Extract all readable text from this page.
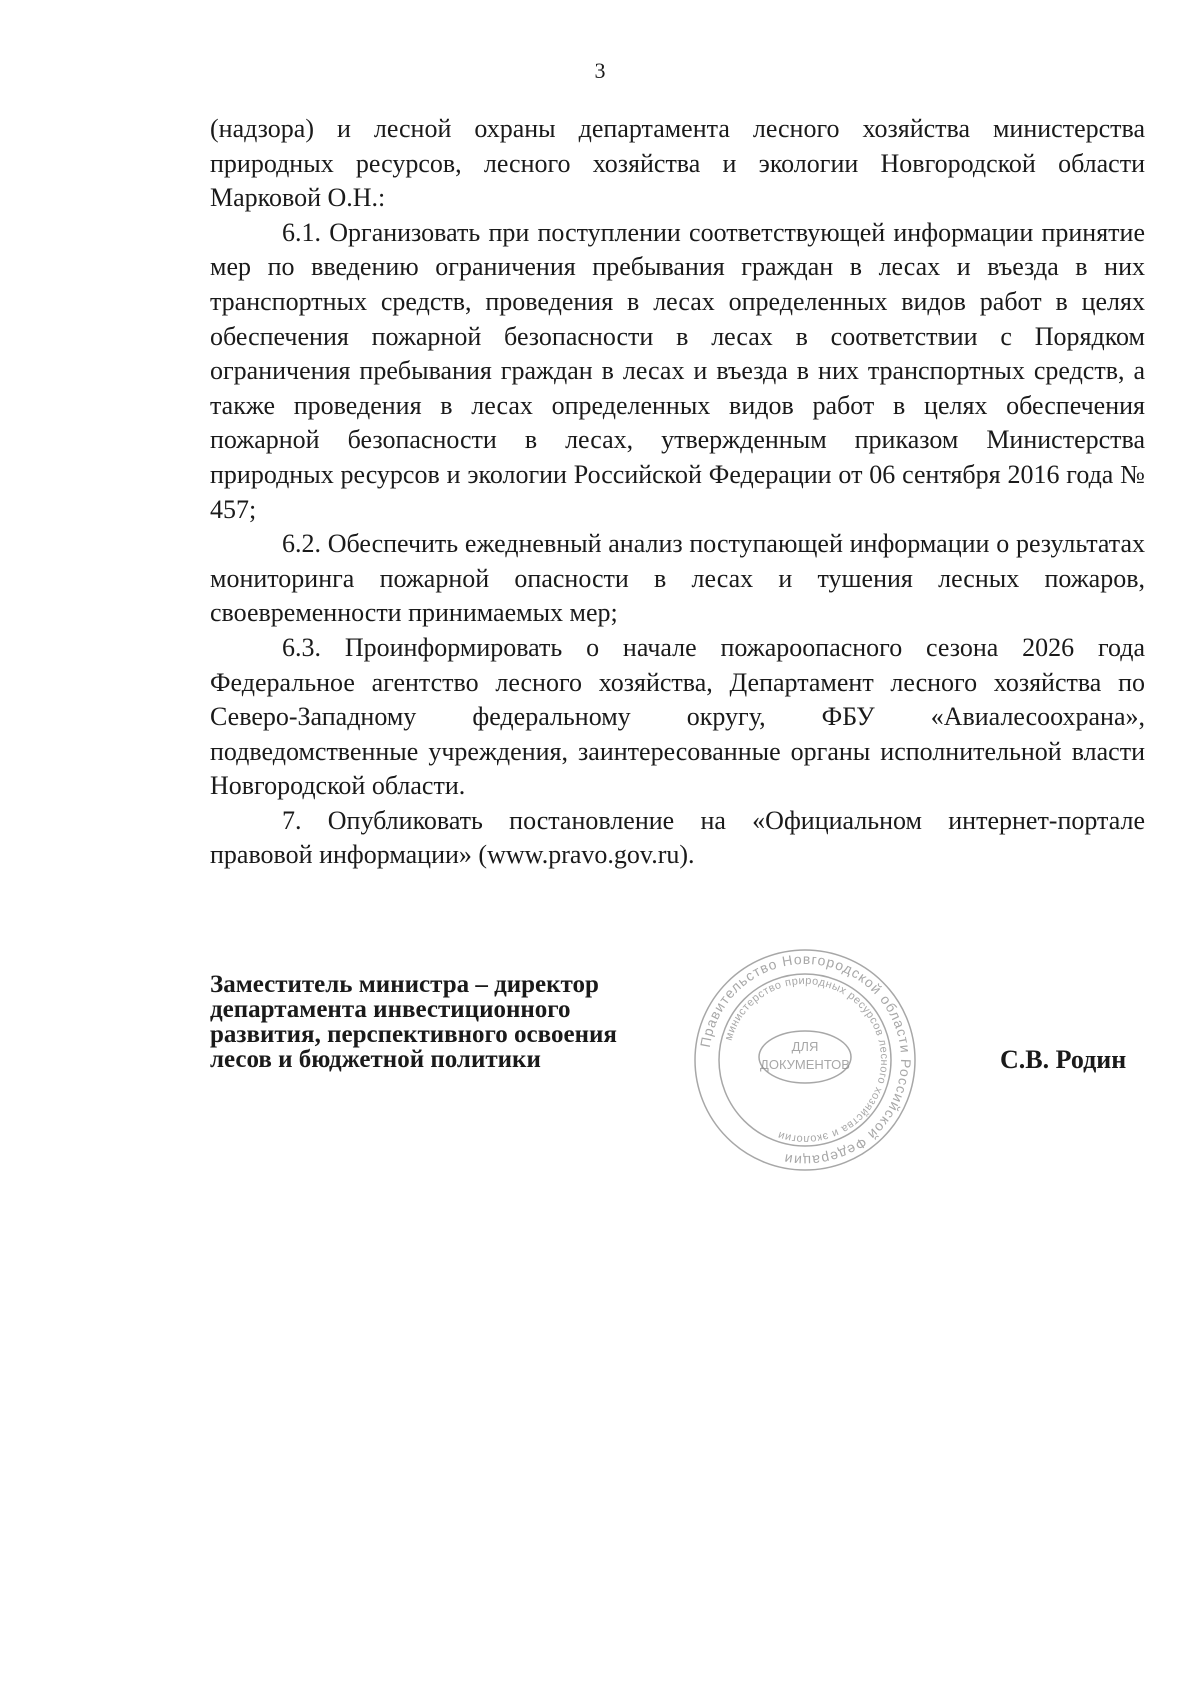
3

(надзора) и лесной охраны департамента лесного хозяйства министерства природных ресурсов, лесного хозяйства и экологии Новгородской области Марковой О.Н.:

6.1. Организовать при поступлении соответствующей информации принятие мер по введению ограничения пребывания граждан в лесах и въезда в них транспортных средств, проведения в лесах определенных видов работ в целях обеспечения пожарной безопасности в лесах в соответствии с Порядком ограничения пребывания граждан в лесах и въезда в них транспортных средств, а также проведения в лесах определенных видов работ в целях обеспечения пожарной безопасности в лесах, утвержденным приказом Министерства природных ресурсов и экологии Российской Федерации от 06 сентября 2016 года № 457;

6.2. Обеспечить ежедневный анализ поступающей информации о результатах мониторинга пожарной опасности в лесах и тушения лесных пожаров, своевременности принимаемых мер;

6.3. Проинформировать о начале пожароопасного сезона 2026 года Федеральное агентство лесного хозяйства, Департамент лесного хозяйства по Северо-Западному федеральному округу, ФБУ «Авиалесоохрана», подведомственные учреждения, заинтересованные органы исполнительной власти Новгородской области.

7. Опубликовать постановление на «Официальном интернет-портале правовой информации» (www.pravo.gov.ru).

Заместитель министра – директор
департамента инвестиционного
развития, перспективного освоения
лесов и бюджетной политики
Правительство Новгородской области Российской Федерации
министерство природных ресурсов лесного хозяйства и экологии
ДЛЯ
ДОКУМЕНТОВ	С.В. Родин
